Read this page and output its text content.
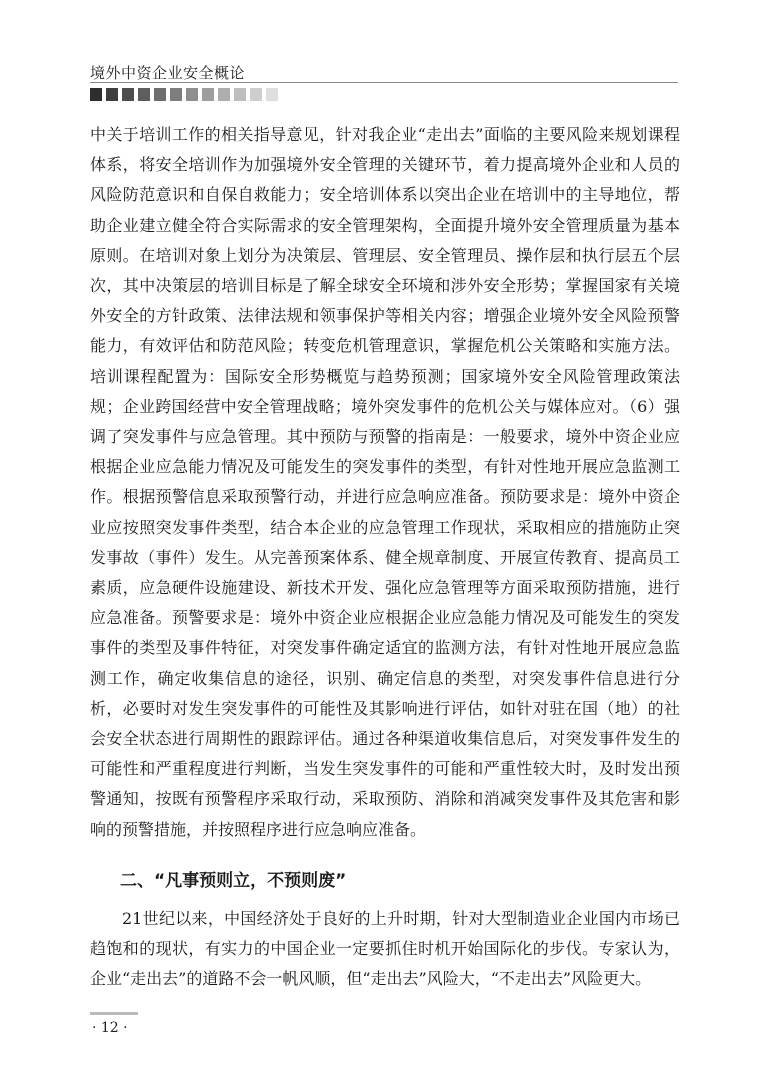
境外中资企业安全概论

中关于培训工作的相关指导意见，针对我企业“走出去”面临的主要风险来规划课程体系，将安全培训作为加强境外安全管理的关键环节，着力提高境外企业和人员的风险防范意识和自保自救能力；安全培训体系以突出企业在培训中的主导地位，帮助企业建立健全符合实际需求的安全管理架构，全面提升境外安全管理质量为基本原则。在培训对象上划分为决策层、管理层、安全管理员、操作层和执行层五个层次，其中决策层的培训目标是了解全球安全环境和涉外安全形势；掌握国家有关境外安全的方针政策、法律法规和领事保护等相关内容；增强企业境外安全风险预警能力，有效评估和防范风险；转变危机管理意识，掌握危机公关策略和实施方法。培训课程配置为：国际安全形势概览与趋势预测；国家境外安全风险管理政策法规；企业跨国经营中安全管理战略；境外突发事件的危机公关与媒体应对。（6）强调了突发事件与应急管理。其中预防与预警的指南是：一般要求，境外中资企业应根据企业应急能力情况及可能发生的突发事件的类型，有针对性地开展应急监测工作。根据预警信息采取预警行动，并进行应急响应准备。预防要求是：境外中资企业应按照突发事件类型，结合本企业的应急管理工作现状，采取相应的措施防止突发事故（事件）发生。从完善预案体系、健全规章制度、开展宣传教育、提高员工素质，应急硬件设施建设、新技术开发、强化应急管理等方面采取预防措施，进行应急准备。预警要求是：境外中资企业应根据企业应急能力情况及可能发生的突发事件的类型及事件特征，对突发事件确定适宜的监测方法，有针对性地开展应急监测工作，确定收集信息的途径，识别、确定信息的类型，对突发事件信息进行分析，必要时对发生突发事件的可能性及其影响进行评估，如针对驻在国（地）的社会安全状态进行周期性的跟踪评估。通过各种渠道收集信息后，对突发事件发生的可能性和严重程度进行判断，当发生突发事件的可能和严重性较大时，及时发出预警通知，按既有预警程序采取行动，采取预防、消除和消减突发事件及其危害和影响的预警措施，并按照程序进行应急响应准备。

二、“凡事预则立，不预则废”

21世纪以来，中国经济处于良好的上升时期，针对大型制造业企业国内市场已趋饱和的现状，有实力的中国企业一定要抓住时机开始国际化的步伐。专家认为，企业“走出去”的道路不会一帆风顺，但“走出去”风险大，“不走出去”风险更大。

· 12 ·
